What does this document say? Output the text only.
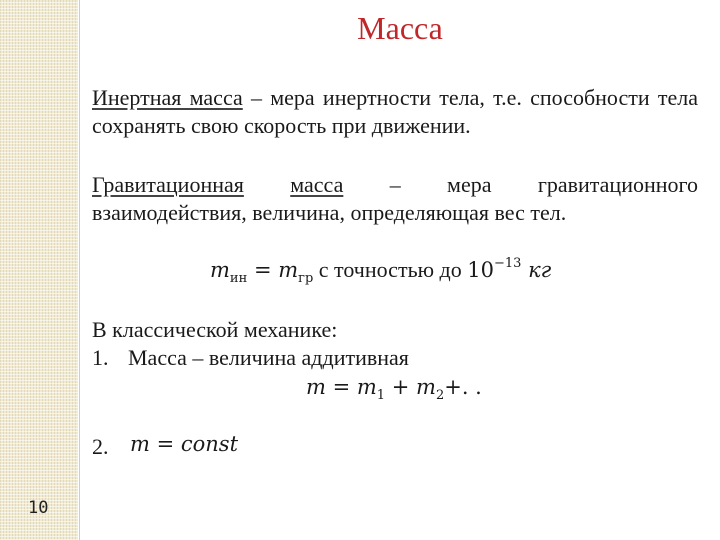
10
Масса
Инертная масса – мера инертности тела, т.е. способности тела сохранять свою скорость при движении.
Гравитационная масса – мера гравитационного
взаимодействия, величина, определяющая вес тел.
$m_{ин} = m_{гр}$ с точностью до $10^{-13}$ кг
В классической механике:
1. Масса – величина аддитивная
$m = m_1 + m_2+$. .
2. m = const
